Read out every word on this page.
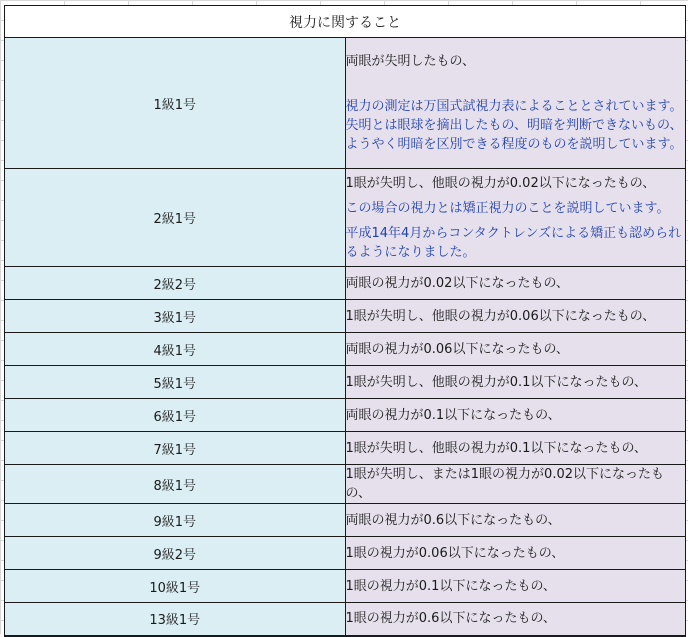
視力に関すること	
1級1号	両眼が失明したもの、

視力の測定は万国式試視力表によることとされています。失明とは眼球を摘出したもの、明暗を判断できないもの、ようやく明暗を区別できる程度のものを説明しています。

2級1号	1眼が失明し、他眼の視力が0.02以下になったもの、

この場合の視力とは矯正視力のことを説明しています。

平成14年4月からコンタクトレンズによる矯正も認められるようになりました。

2級2号	両眼の視力が0.02以下になったもの、
3級1号	1眼が失明し、他眼の視力が0.06以下になったもの、
4級1号	両眼の視力が0.06以下になったもの、
5級1号	1眼が失明し、他眼の視力が0.1以下になったもの、
6級1号	両眼の視力が0.1以下になったもの、
7級1号	1眼が失明し、他眼の視力が0.1以下になったもの、
8級1号	1眼が失明し、または1眼の視力が0.02以下になったもの、
9級1号	両眼の視力が0.6以下になったもの、
9級2号	1眼の視力が0.06以下になったもの、
10級1号	1眼の視力が0.1以下になったもの、
13級1号	1眼の視力が0.6以下になったもの、
